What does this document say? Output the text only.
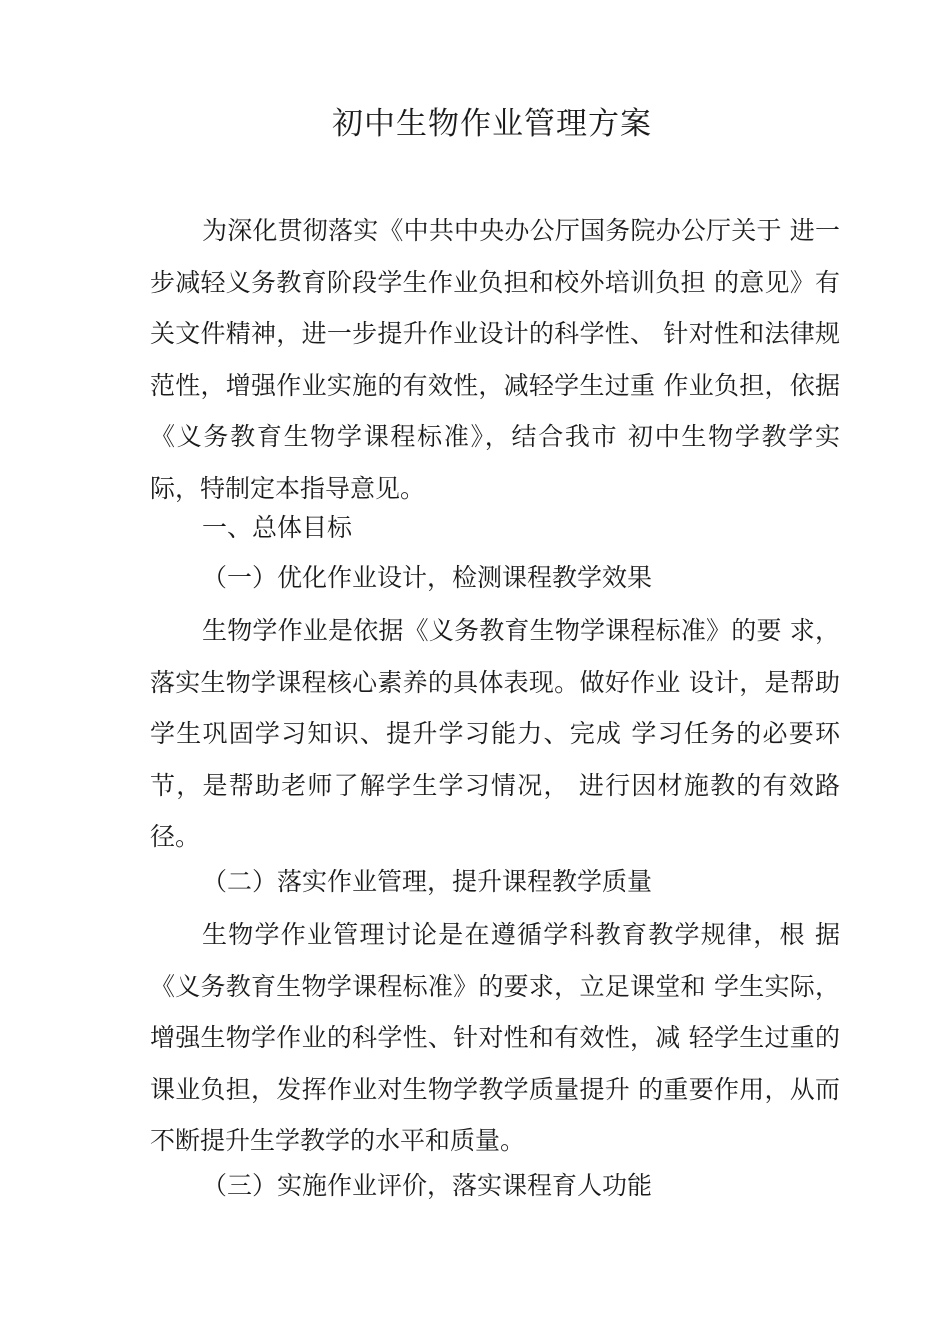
初中生物作业管理方案

为深化贯彻落实《中共中央办公厅国务院办公厅关于 进一步减轻义务教育阶段学生作业负担和校外培训负担 的意见》有关文件精神，进一步提升作业设计的科学性、 针对性和法律规范性，增强作业实施的有效性，减轻学生过重 作业负担，依据《义务教育生物学课程标准》，结合我市 初中生物学教学实际，特制定本指导意见。

一、总体目标

（一）优化作业设计，检测课程教学效果

生物学作业是依据《义务教育生物学课程标准》的要 求，落实生物学课程核心素养的具体表现。做好作业 设计，是帮助学生巩固学习知识、提升学习能力、完成 学习任务的必要环节，是帮助老师了解学生学习情况， 进行因材施教的有效路径。

（二）落实作业管理，提升课程教学质量

生物学作业管理讨论是在遵循学科教育教学规律，根 据《义务教育生物学课程标准》的要求，立足课堂和 学生实际，增强生物学作业的科学性、针对性和有效性，减 轻学生过重的课业负担，发挥作业对生物学教学质量提升 的重要作用，从而不断提升生学教学的水平和质量。

（三）实施作业评价，落实课程育人功能
